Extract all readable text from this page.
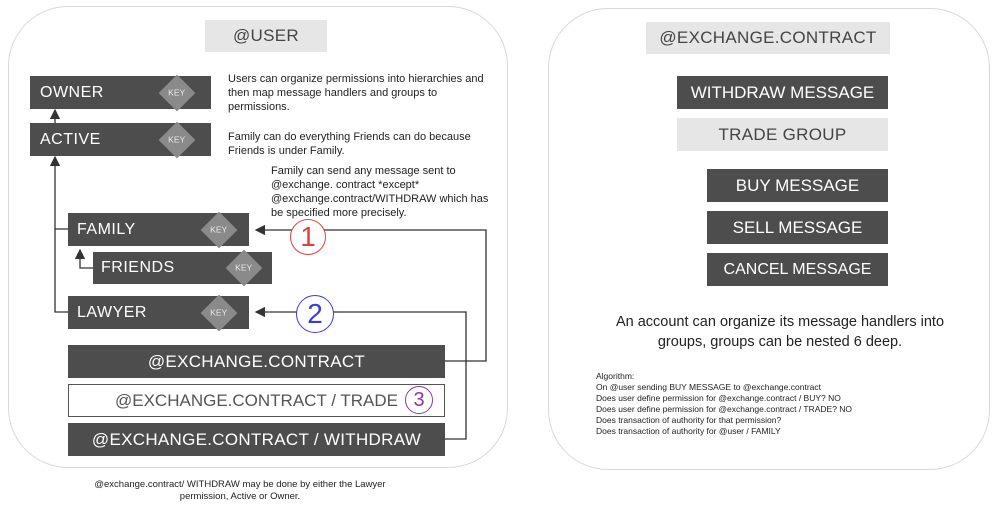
@USER
OWNER	KEY
ACTIVE	KEY
Users can organize permissions into hierarchies and then map message handlers and groups to permissions.
Family can do everything Friends can do because Friends is under Family.
Family can send any message sent to @exchange. contract *except* @exchange.contract/WITHDRAW which has be specified more precisely.
FAMILY	KEY	1
FRIENDS	KEY
LAWYER	KEY	2
@EXCHANGE.CONTRACT
@EXCHANGE.CONTRACT / TRADE 3
@EXCHANGE.CONTRACT / WITHDRAW
@exchange.contract/ WITHDRAW may be done by either the Lawyer permission, Active or Owner.
@EXCHANGE.CONTRACT
WITHDRAW MESSAGE
TRADE GROUP
BUY MESSAGE
SELL MESSAGE
CANCEL MESSAGE
An account can organize its message handlers into groups, groups can be nested 6 deep.
Algorithm:
On @user sending BUY MESSAGE to @exchange.contract
Does user define permission for @exchange.contract / BUY? NO
Does user define permission for @exchange.contract / TRADE? NO
Does transaction of authority for that permission?
Does transaction of authority for @user / FAMILY
